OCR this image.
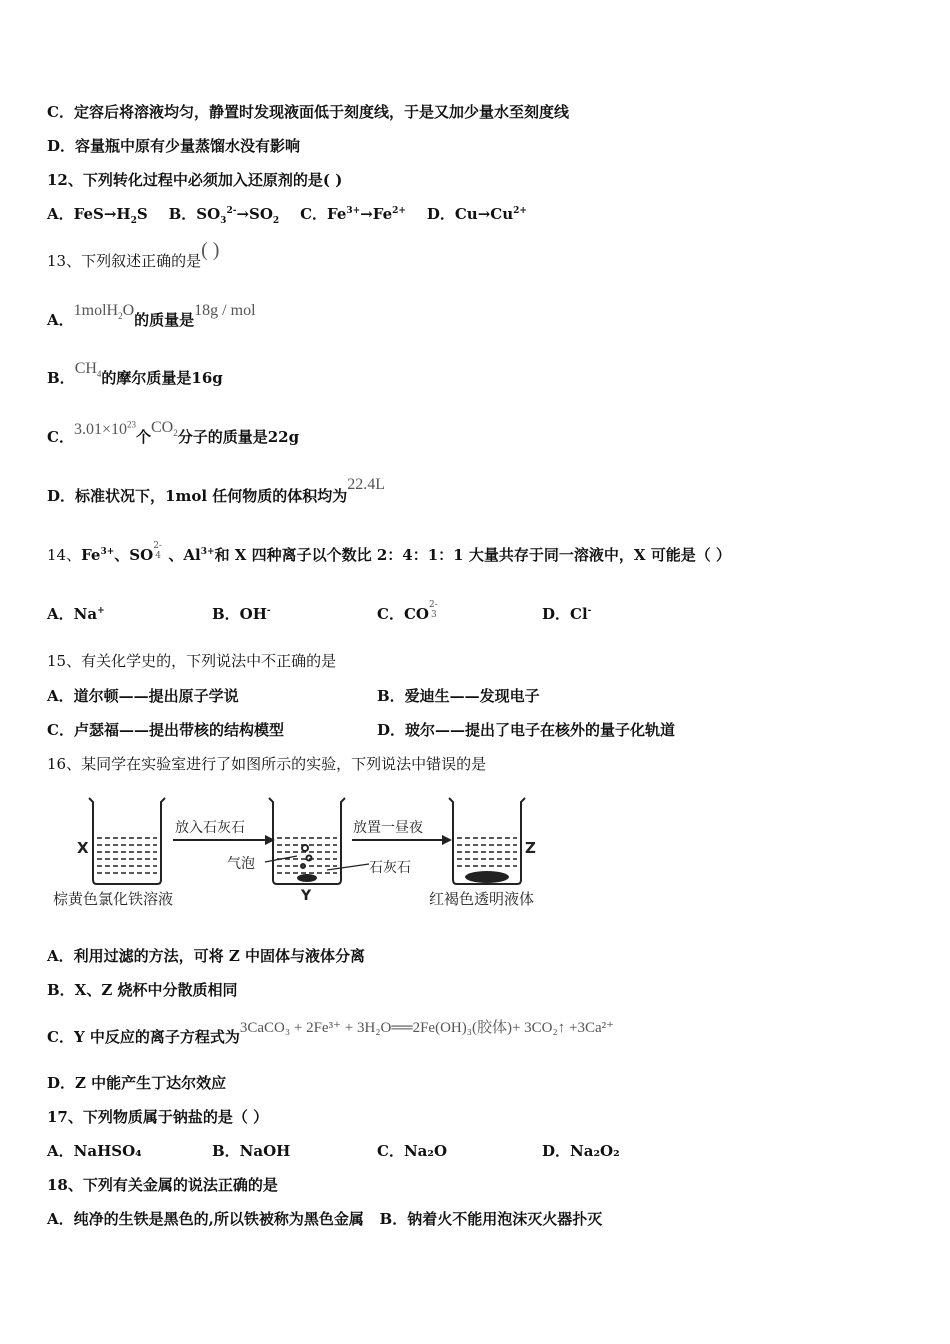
C．定容后将溶液均匀，静置时发现液面低于刻度线，于是又加少量水至刻度线
D．容量瓶中原有少量蒸馏水没有影响
12、下列转化过程中必须加入还原剂的是( )
A．$FeS\to H_2S$ B．$SO_3^{2-}\to SO_2$ C．$Fe^{3+}\to Fe^{2+}$ D．$Cu\to Cu^{2+}$
13、下列叙述正确的是( )
A．1molH$_2$O的质量是18g / mol
B．$CH_4$的摩尔质量是16g
C．$3.01\times 10^{23}$个$CO_2$分子的质量是22g
D．标准状况下，1mol 任何物质的体积均为22.4L
14、$Fe^{3+}$、SO 2-
4 、$Al^{3+}$和 X 四种离子以个数比 2：4：1：1 大量共存于同一溶液中，X 可能是（ ）
A．Na+	B．OH-	C．CO 2-
3	D．Cl-
15、有关化学史的，下列说法中不正确的是
A．道尔顿——提出原子学说	B．爱迪生——发现电子
C．卢瑟福——提出带核的结构模型	D．玻尔——提出了电子在核外的量子化轨道
16、某同学在实验室进行了如图所示的实验，下列说法中错误的是
X
放入石灰石
气泡
Y
放置一昼夜
石灰石
Z
棕黄色氯化铁溶液	红褐色透明液体
A．利用过滤的方法，可将 Z 中固体与液体分离
B．X、Z 烧杯中分散质相同
C．Y 中反应的离子方程式为3CaCO₃ + 2Fe³⁺ + 3H₂O══2Fe(OH)₃(胶体)+ 3CO₂↑ +3Ca²⁺
D．Z 中能产生丁达尔效应
17、下列物质属于钠盐的是（ ）
A．NaHSO₄	B．NaOH	C．Na₂O	D．Na₂O₂
18、下列有关金属的说法正确的是
A．纯净的生铁是黑色的,所以铁被称为黑色金属 B．钠着火不能用泡沫灭火器扑灭
